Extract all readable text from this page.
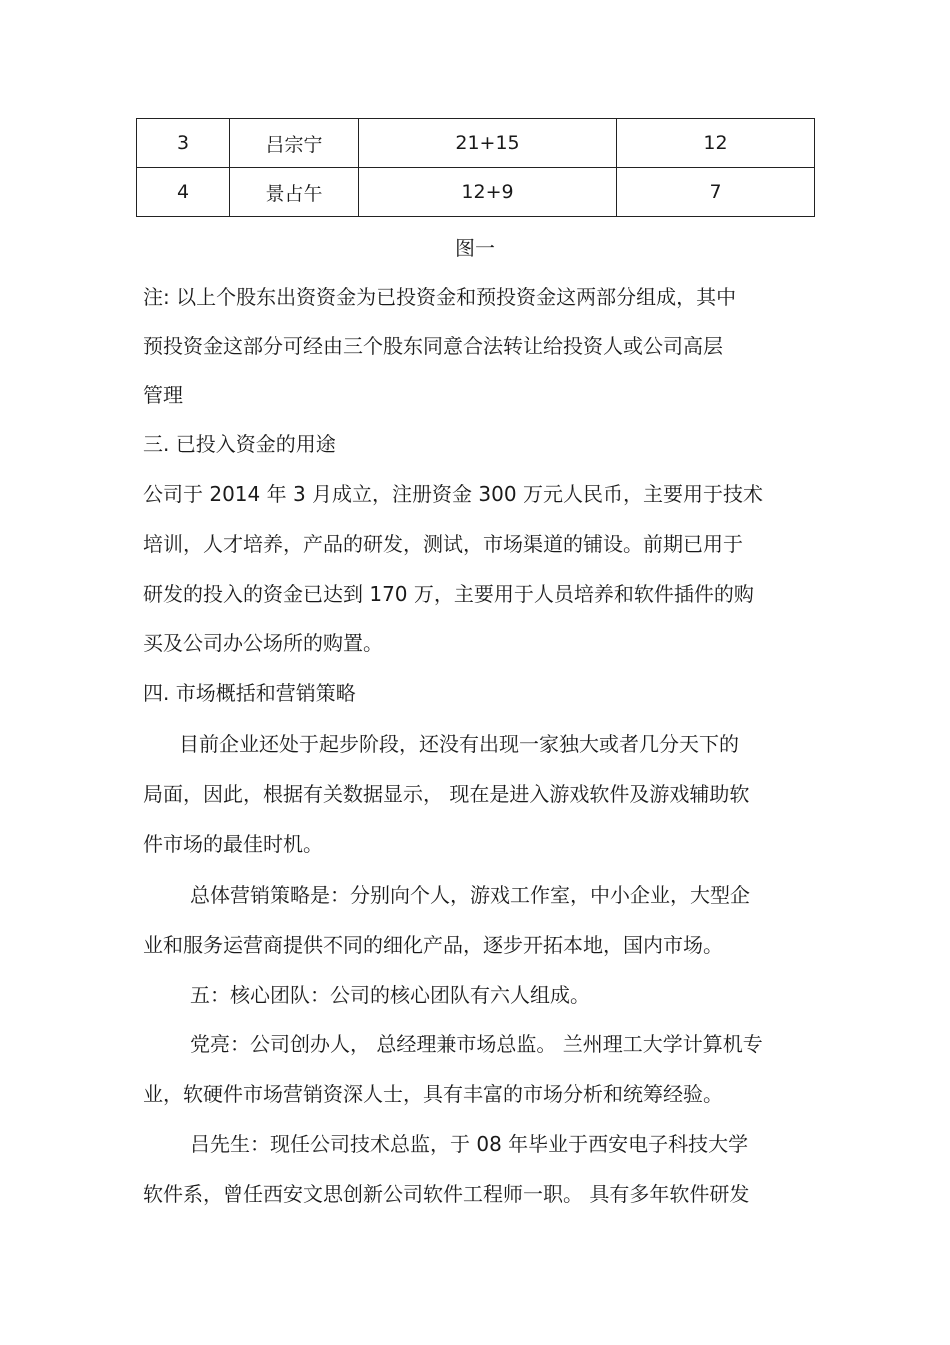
3	吕宗宁	21+15	12
4	景占午	12+9	7
图一
注: 以上个股东出资资金为已投资金和预投资金这两部分组成，其中
预投资金这部分可经由三个股东同意合法转让给投资人或公司高层
管理
三. 已投入资金的用途
公司于 2014 年 3 月成立，注册资金 300 万元人民币，主要用于技术
培训，人才培养，产品的研发，测试，市场渠道的铺设。前期已用于
研发的投入的资金已达到 170 万，主要用于人员培养和软件插件的购
买及公司办公场所的购置。
四. 市场概括和营销策略
目前企业还处于起步阶段，还没有出现一家独大或者几分天下的
局面，因此，根据有关数据显示， 现在是进入游戏软件及游戏辅助软
件市场的最佳时机。
总体营销策略是：分别向个人，游戏工作室，中小企业，大型企
业和服务运营商提供不同的细化产品，逐步开拓本地，国内市场。
五：核心团队：公司的核心团队有六人组成。
党亮：公司创办人， 总经理兼市场总监。 兰州理工大学计算机专
业，软硬件市场营销资深人士，具有丰富的市场分析和统筹经验。
吕先生：现任公司技术总监，于 08 年毕业于西安电子科技大学
软件系，曾任西安文思创新公司软件工程师一职。 具有多年软件研发
